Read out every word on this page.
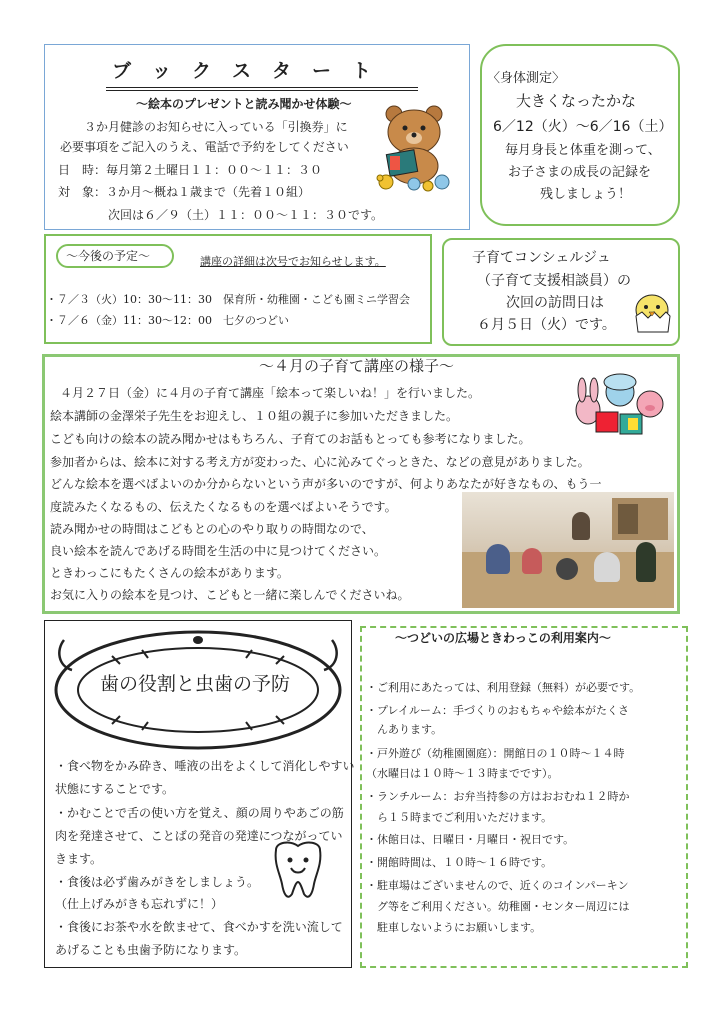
ブ　ッ　ク　ス　タ　ー　ト
～絵本のプレゼントと読み聞かせ体験～
３か月健診のお知らせに入っている「引換券」に
必要事項をご記入のうえ、電話で予約をしてください
日　時：毎月第２土曜日１１：００～１１：３０
対　象：３か月～概ね１歳まで（先着１０組）
次回は６／９（土）１１：００～１１：３０です。
〈身体測定〉
大きくなったかな
6／12（火）～6／16（土）
毎月身長と体重を測って、
お子さまの成長の記録を
残しましょう！
～今後の予定～	講座の詳細は次号でお知らせします。
・７／３（火）10：30～11：30　保育所・幼稚園・こども園ミニ学習会
・７／６（金）11：30～12：00　七夕のつどい
子育てコンシェルジュ
（子育て支援相談員）の
次回の訪問日は
６月５日（火）です。
～４月の子育て講座の様子～
４月２７日（金）に４月の子育て講座「絵本って楽しいね！」を行いました。
絵本講師の金澤栄子先生をお迎えし、１０組の親子に参加いただきました。
こども向けの絵本の読み聞かせはもちろん、子育てのお話もとっても参考になりました。
参加者からは、絵本に対する考え方が変わった、心に沁みてぐっときた、などの意見がありました。
どんな絵本を選べばよいのか分からないという声が多いのですが、何よりあなたが好きなもの、もう一
度読みたくなるもの、伝えたくなるものを選べばよいそうです。
読み聞かせの時間はこどもとの心のやり取りの時間なので、
良い絵本を読んであげる時間を生活の中に見つけてください。
ときわっこにもたくさんの絵本があります。
お気に入りの絵本を見つけ、こどもと一緒に楽しんでくださいね。
歯の役割と虫歯の予防
・食べ物をかみ砕き、唾液の出をよくして消化しやすい
状態にすることです。
・かむことで舌の使い方を覚え、顔の周りやあごの筋
肉を発達させて、ことばの発音の発達につながってい
きます。
・食後は必ず歯みがきをしましょう。
（仕上げみがきも忘れずに！）
・食後にお茶や水を飲ませて、食べかすを洗い流して
あげることも虫歯予防になります。
～つどいの広場ときわっこの利用案内～
・ご利用にあたっては、利用登録（無料）が必要です。
・プレイルーム：手づくりのおもちゃや絵本がたくさ
　んあります。
・戸外遊び（幼稚園園庭）：開館日の１０時～１４時
（水曜日は１０時～１３時までです）。
・ランチルーム：お弁当持参の方はおおむね１２時か
　ら１５時までご利用いただけます。
・休館日は、日曜日・月曜日・祝日です。
・開館時間は、１０時～１６時です。
・駐車場はございませんので、近くのコインパーキン
　グ等をご利用ください。幼稚園・センター周辺には
　駐車しないようにお願いします。
